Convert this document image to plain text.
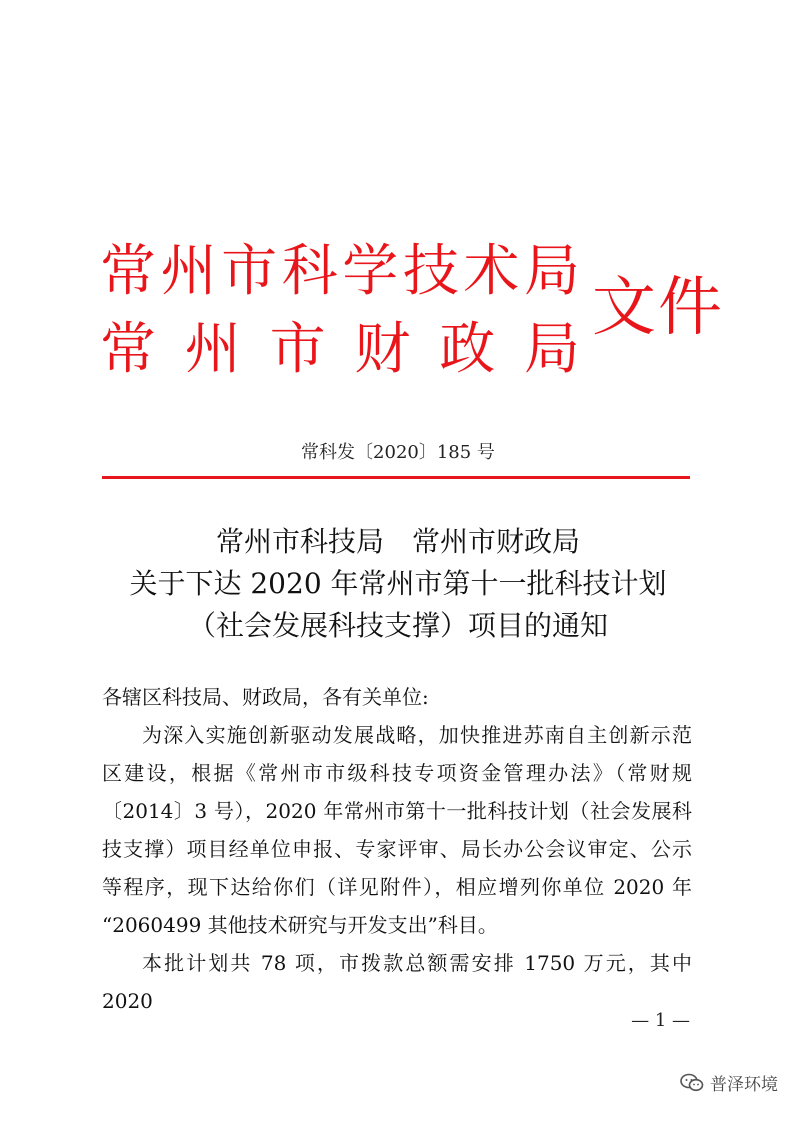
常 州 市 科 学 技 术 局
常 州 市 财 政 局
文件
常科发〔2020〕185 号
常州市科技局　常州市财政局
关于下达 2020 年常州市第十一批科技计划
（社会发展科技支撑）项目的通知
各辖区科技局、财政局，各有关单位:
为深入实施创新驱动发展战略，加快推进苏南自主创新示范
区建设，根据《常州市市级科技专项资金管理办法》（常财规
〔2014〕3 号），2020 年常州市第十一批科技计划（社会发展科
技支撑）项目经单位申报、专家评审、局长办公会议审定、公示
等程序，现下达给你们（详见附件），相应增列你单位 2020 年
“2060499 其他技术研究与开发支出”科目。
本批计划共 78 项，市拨款总额需安排 1750 万元，其中 2020
— 1 —
普泽环境
